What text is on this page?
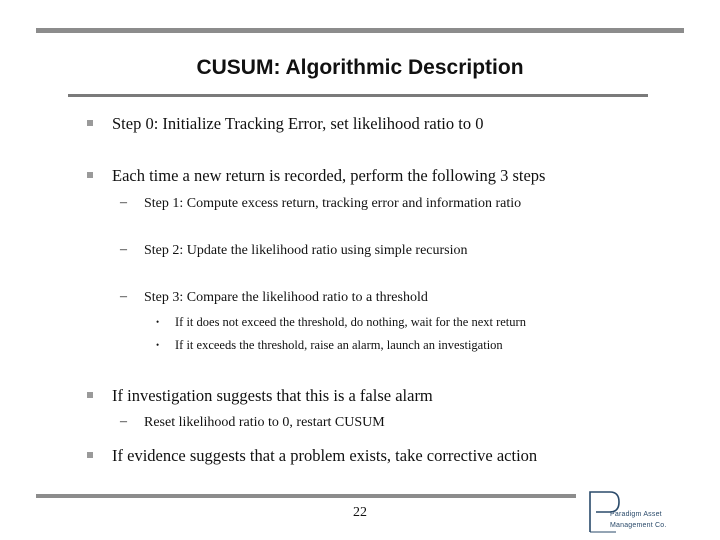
CUSUM: Algorithmic Description
Step 0: Initialize Tracking Error, set likelihood ratio to 0
Each time a new return is recorded, perform the following 3 steps
– Step 1: Compute excess return, tracking error and information ratio
– Step 2: Update the likelihood ratio using simple recursion
– Step 3: Compare the likelihood ratio to a threshold
• If it does not exceed the threshold, do nothing, wait for the next return
• If it exceeds the threshold, raise an alarm, launch an investigation
If investigation suggests that this is a false alarm
– Reset likelihood ratio to 0, restart CUSUM
If evidence suggests that a problem exists, take corrective action
22	Paradigm Asset
Management Co.
